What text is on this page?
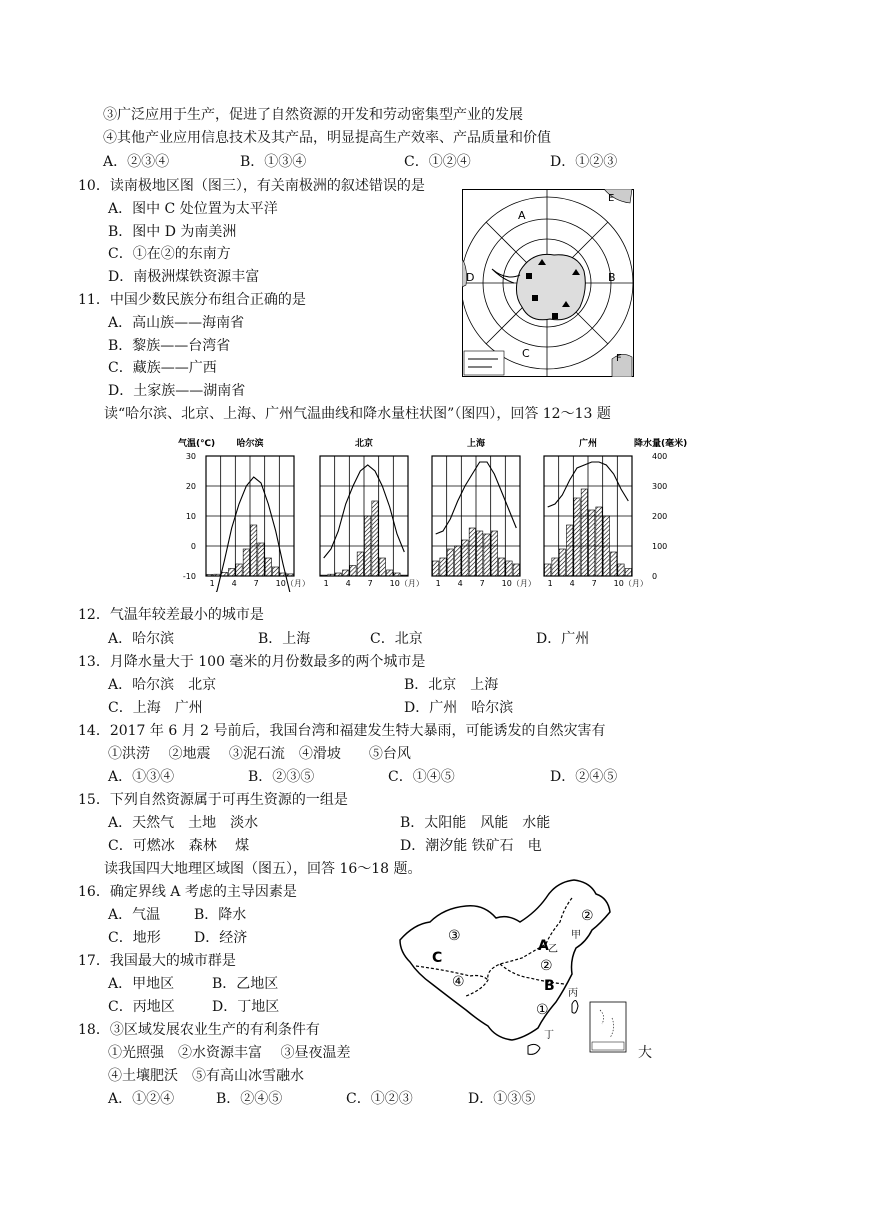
③广泛应用于生产，促进了自然资源的开发和劳动密集型产业的发展
④其他产业应用信息技术及其产品，明显提高生产效率、产品质量和价值
A．②③④	B．①③④	C．①②④	D．①②③
10．读南极地区图（图三），有关南极洲的叙述错误的是
A．图中 C 处位置为太平洋
B．图中 D 为南美洲
C．①在②的东南方
D．南极洲煤铁资源丰富
A
B
C
D
E
F
11．中国少数民族分布组合正确的是
A．高山族——海南省
B．黎族——台湾省
C．藏族——广西
D．土家族——湖南省
读“哈尔滨、北京、上海、广州气温曲线和降水量柱状图”（图四），回答 12～13 题
气温(℃)	降水量(毫米)
30
20
10
0
-10
400
300
200
100
0
哈尔滨
1 4 7 10（月）
北京
1 4 7 10（月）
上海
1 4 7 10（月）
广州
1 4 7 10（月）
12．气温年较差最小的城市是
A．哈尔滨	B．上海	C．北京	D．广州
13．月降水量大于 100 毫米的月份数最多的两个城市是
A．哈尔滨　北京	B．北京　上海
C．上海　广州	D．广州　哈尔滨
14．2017 年 6 月 2 号前后，我国台湾和福建发生特大暴雨，可能诱发的自然灾害有
①洪涝　 ②地震　 ③泥石流　④滑坡　　⑤台风
A．①③④	B．②③⑤	C．①④⑤	D．②④⑤
15．下列自然资源属于可再生资源的一组是
A．天然气　土地　淡水	B．太阳能　风能　水能
C．可燃冰　森林　 煤	D．潮汐能 铁矿石　电
读我国四大地理区域图（图五），回答 16～18 题。
16．确定界线 A 考虑的主导因素是
A．气温 B．降水
C．地形 D．经济
17．我国最大的城市群是
A．甲地区	B．乙地区
C．丙地区	D．丁地区
18．③区域发展农业生产的有利条件有
①光照强　②水资源丰富　 ③昼夜温差	大
④土壤肥沃　⑤有高山冰雪融水
A．①②④	B．②④⑤	C．①②③	D．①③⑤
②
甲
③
C
A 乙
②
④	B 丙
①
丁
